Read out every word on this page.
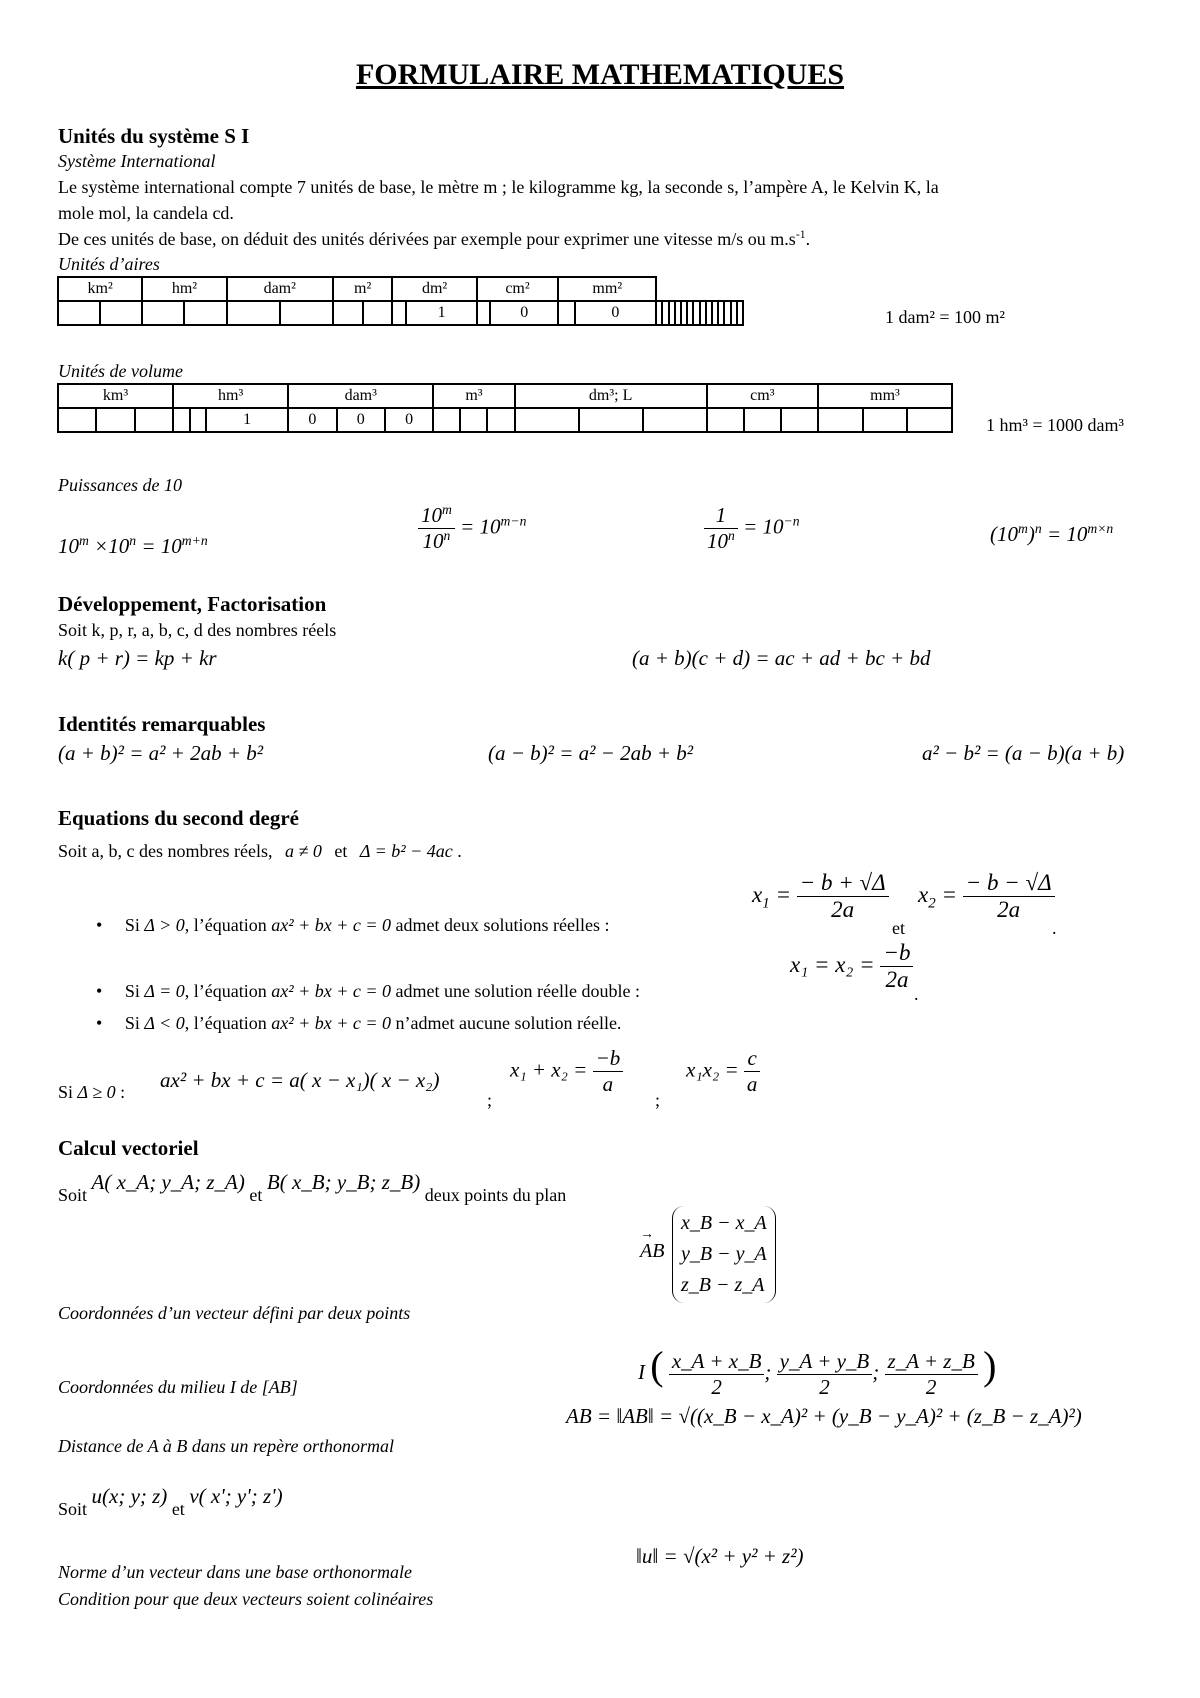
FORMULAIRE MATHEMATIQUES
Unités du système S I
Système International
Le système international compte 7 unités de base, le mètre m ; le kilogramme kg, la seconde s, l’ampère A, le Kelvin K, la
mole mol, la candela cd.
De ces unités de base, on déduit des unités dérivées par exemple pour exprimer une vitesse m/s ou $m.s^{-1}$.
Unités d’aires
km²		hm²		dam²		m²		dm²		cm²		mm²															
									1		0		0															1 dam² = 100 m²
Unités de volume
km³			hm³			dam³			m³			dm³; L			cm³			mm³		
					1	0	0	0													1 hm³ = 1000 dam³
Puissances de 10
$10^m \times 10^n = 10^{m+n}$	$\frac{10^m}{10^n} = 10^{m-n}$	$\frac{1}{10^n} = 10^{-n}$
$(10^m)^n = 10^{m\times n}$
Développement, Factorisation
Soit k, p, r, a, b, c, d des nombres réels
k( p + r) = kp + kr	(a + b)(c + d) = ac + ad + bc + bd
Identités remarquables
(a + b)² = a² + 2ab + b²	(a − b)² = a² − 2ab + b²	a² − b² = (a − b)(a + b)
Equations du second degré
Soit a, b, c des nombres réels, a ≠ 0 et Δ = b² − 4ac .
• Si Δ > 0, l’équation ax² + bx + c = 0 admet deux solutions réelles :
$x_1 = \frac{- b + √\Delta}{2a}$
et
$x_2 = \frac{- b - √\Delta}{2a}$
.
• Si Δ = 0, l’équation ax² + bx + c = 0 admet une solution réelle double :
$x_1 = x_2 = \frac{-b}{2a}$
.
• Si Δ < 0, l’équation ax² + bx + c = 0 n’admet aucune solution réelle.
Si Δ ≥ 0 : ax² + bx + c = a( x − x₁)( x − x₂)
;
$x_1 + x_2 = \frac{-b}{a}$
;
$x_1x_2 = \frac{c}{a}$
Calcul vectoriel
Soit A( x_A; y_A; z_A) et B( x_B; y_B; z_B) deux points du plan
→
AB
x_B − x_A
y_B − y_A
z_B − z_A
Coordonnées d’un vecteur défini par deux points
I ( $\frac{x\_A + x\_B}{2}$ ; $\frac{y\_A + y\_B}{2}$ ; $\frac{z\_A + z\_B}{2}$ )
Coordonnées du milieu I de [AB]
AB = ‖AB‖ = √((x_B − x_A)² + (y_B − y_A)² + (z_B − z_A)²)
Distance de A à B dans un repère orthonormal
Soit u(x; y; z) et v( x'; y'; z')
‖u‖ = √(x² + y² + z²)
Norme d’un vecteur dans une base orthonormale
Condition pour que deux vecteurs soient colinéaires
